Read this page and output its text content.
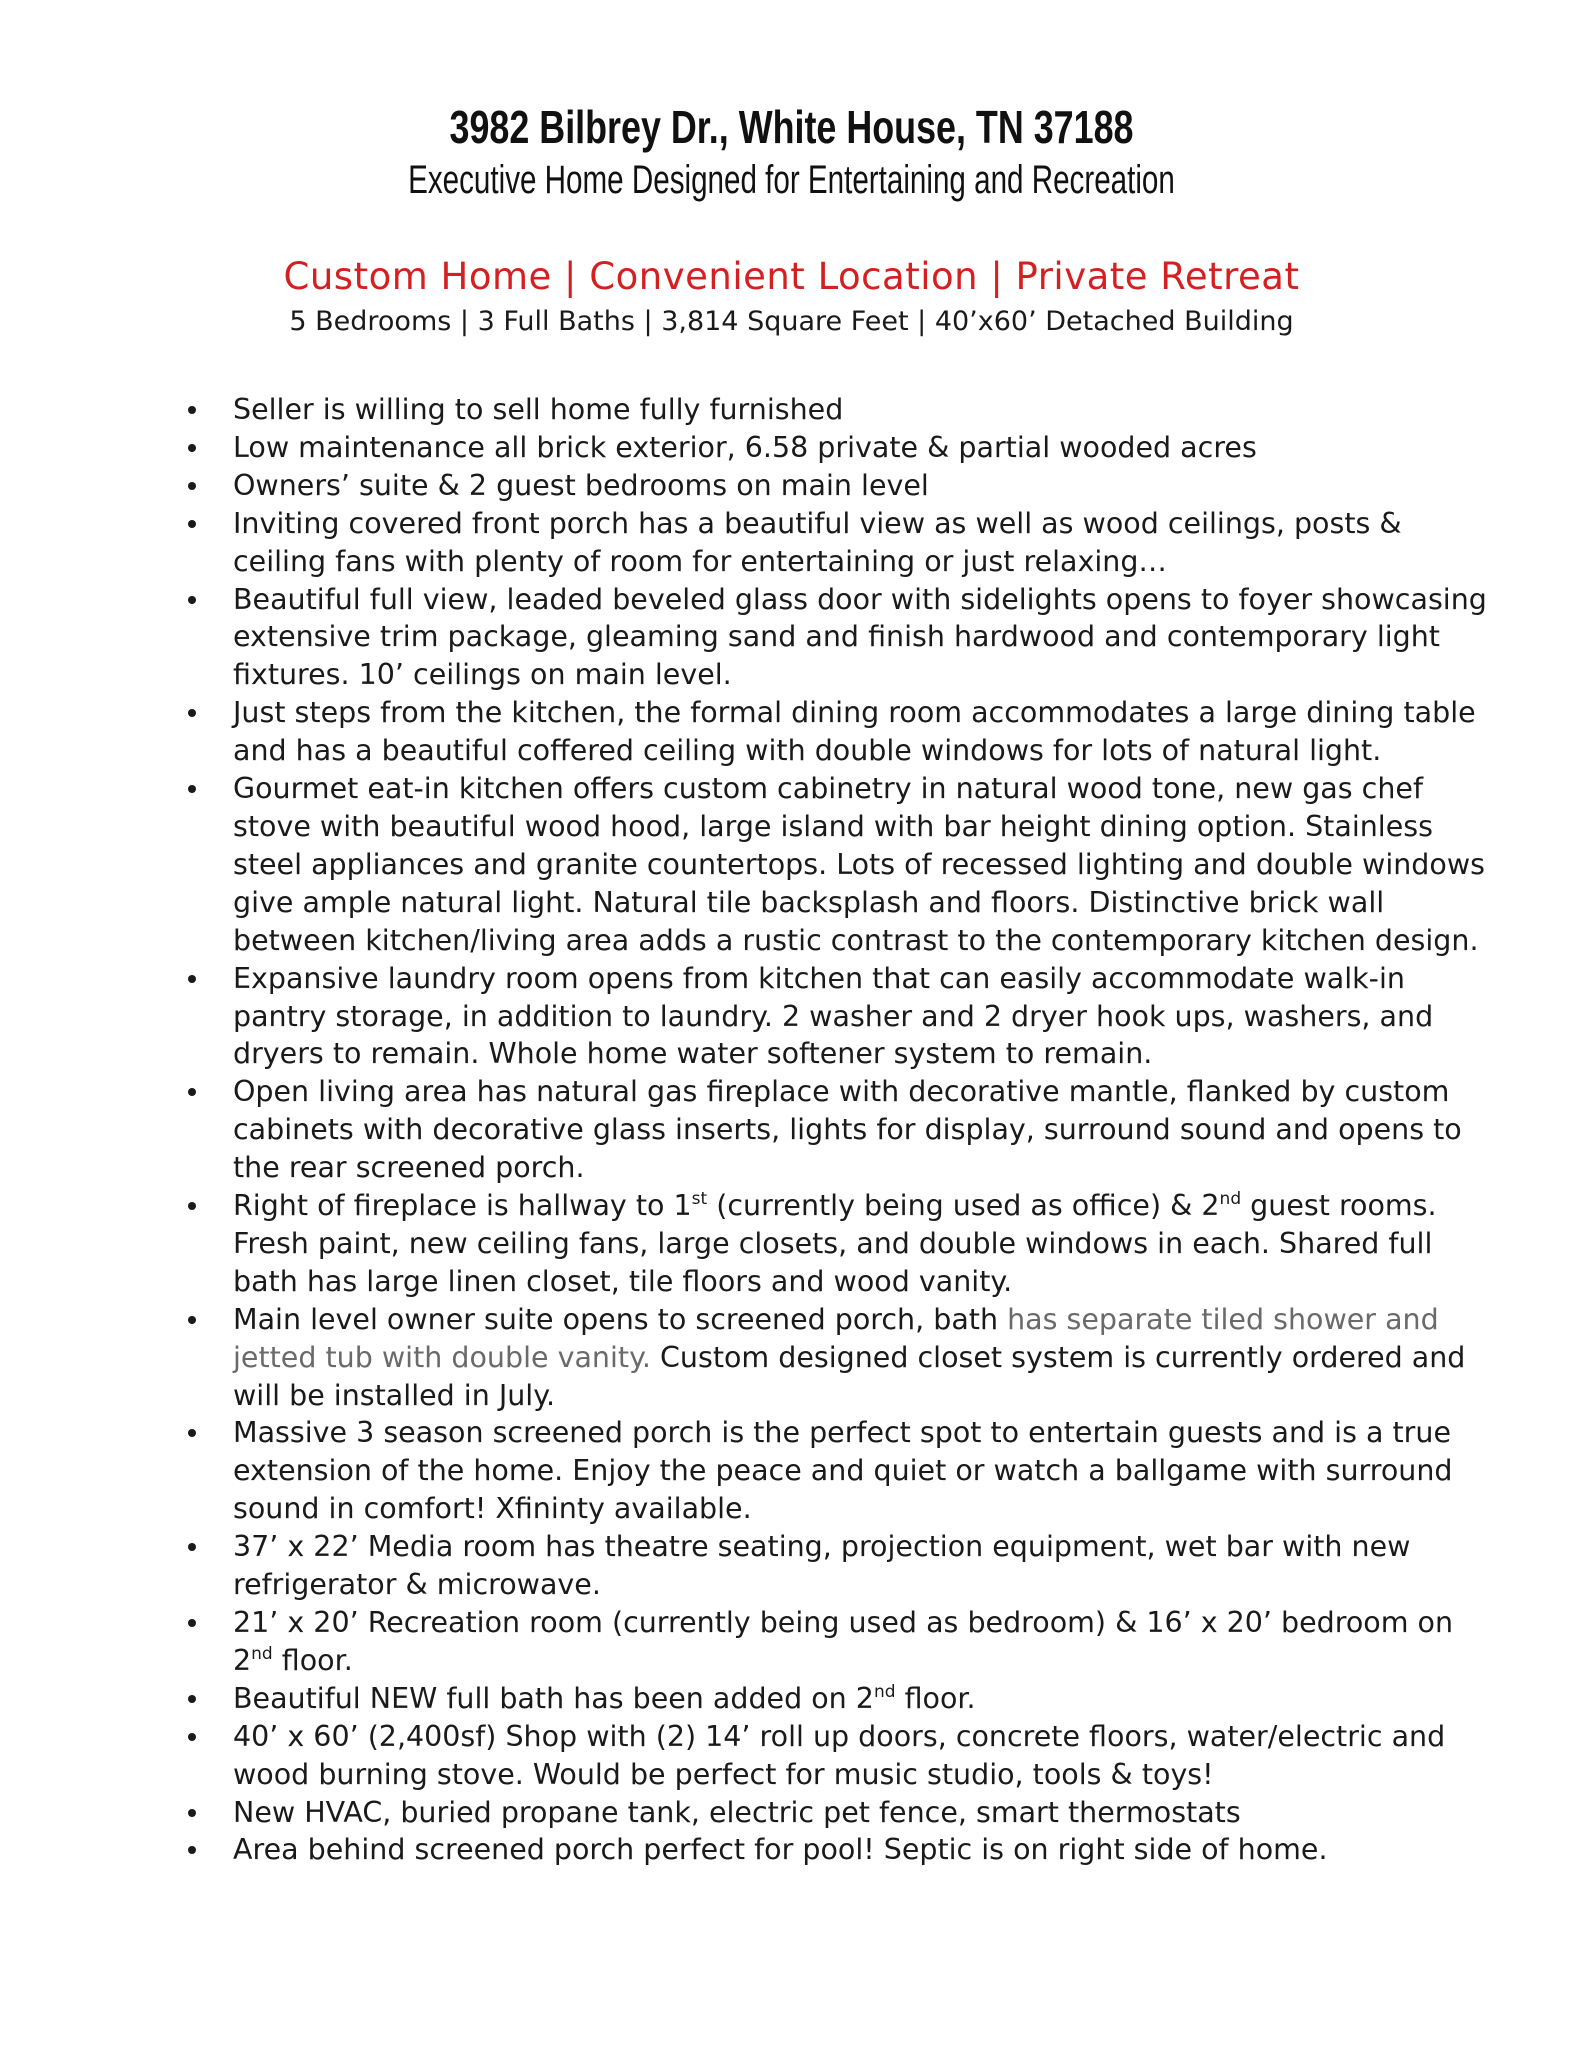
3982 Bilbrey Dr., White House, TN 37188
Executive Home Designed for Entertaining and Recreation
Custom Home | Convenient Location | Private Retreat
5 Bedrooms | 3 Full Baths | 3,814 Square Feet | 40’x60’ Detached Building
Seller is willing to sell home fully furnished
Low maintenance all brick exterior, 6.58 private & partial wooded acres
Owners’ suite & 2 guest bedrooms on main level
Inviting covered front porch has a beautiful view as well as wood ceilings, posts & ceiling fans with plenty of room for entertaining or just relaxing…
Beautiful full view, leaded beveled glass door with sidelights opens to foyer showcasing extensive trim package, gleaming sand and finish hardwood and contemporary light fixtures. 10’ ceilings on main level.
Just steps from the kitchen, the formal dining room accommodates a large dining table and has a beautiful coffered ceiling with double windows for lots of natural light.
Gourmet eat-in kitchen offers custom cabinetry in natural wood tone, new gas chef stove with beautiful wood hood, large island with bar height dining option. Stainless steel appliances and granite countertops. Lots of recessed lighting and double windows give ample natural light. Natural tile backsplash and floors. Distinctive brick wall between kitchen/living area adds a rustic contrast to the contemporary kitchen design.
Expansive laundry room opens from kitchen that can easily accommodate walk-in pantry storage, in addition to laundry. 2 washer and 2 dryer hook ups, washers, and dryers to remain. Whole home water softener system to remain.
Open living area has natural gas fireplace with decorative mantle, flanked by custom cabinets with decorative glass inserts, lights for display, surround sound and opens to the rear screened porch.
Right of fireplace is hallway to 1st (currently being used as office) & 2nd guest rooms. Fresh paint, new ceiling fans, large closets, and double windows in each. Shared full bath has large linen closet, tile floors and wood vanity.
Main level owner suite opens to screened porch, bath has separate tiled shower and jetted tub with double vanity. Custom designed closet system is currently ordered and will be installed in July.
Massive 3 season screened porch is the perfect spot to entertain guests and is a true extension of the home. Enjoy the peace and quiet or watch a ballgame with surround sound in comfort! Xfininty available.
37’ x 22’ Media room has theatre seating, projection equipment, wet bar with new refrigerator & microwave.
21’ x 20’ Recreation room (currently being used as bedroom) & 16’ x 20’ bedroom on 2nd floor.
Beautiful NEW full bath has been added on 2nd floor.
40’ x 60’ (2,400sf) Shop with (2) 14’ roll up doors, concrete floors, water/electric and wood burning stove. Would be perfect for music studio, tools & toys!
New HVAC, buried propane tank, electric pet fence, smart thermostats
Area behind screened porch perfect for pool! Septic is on right side of home.
